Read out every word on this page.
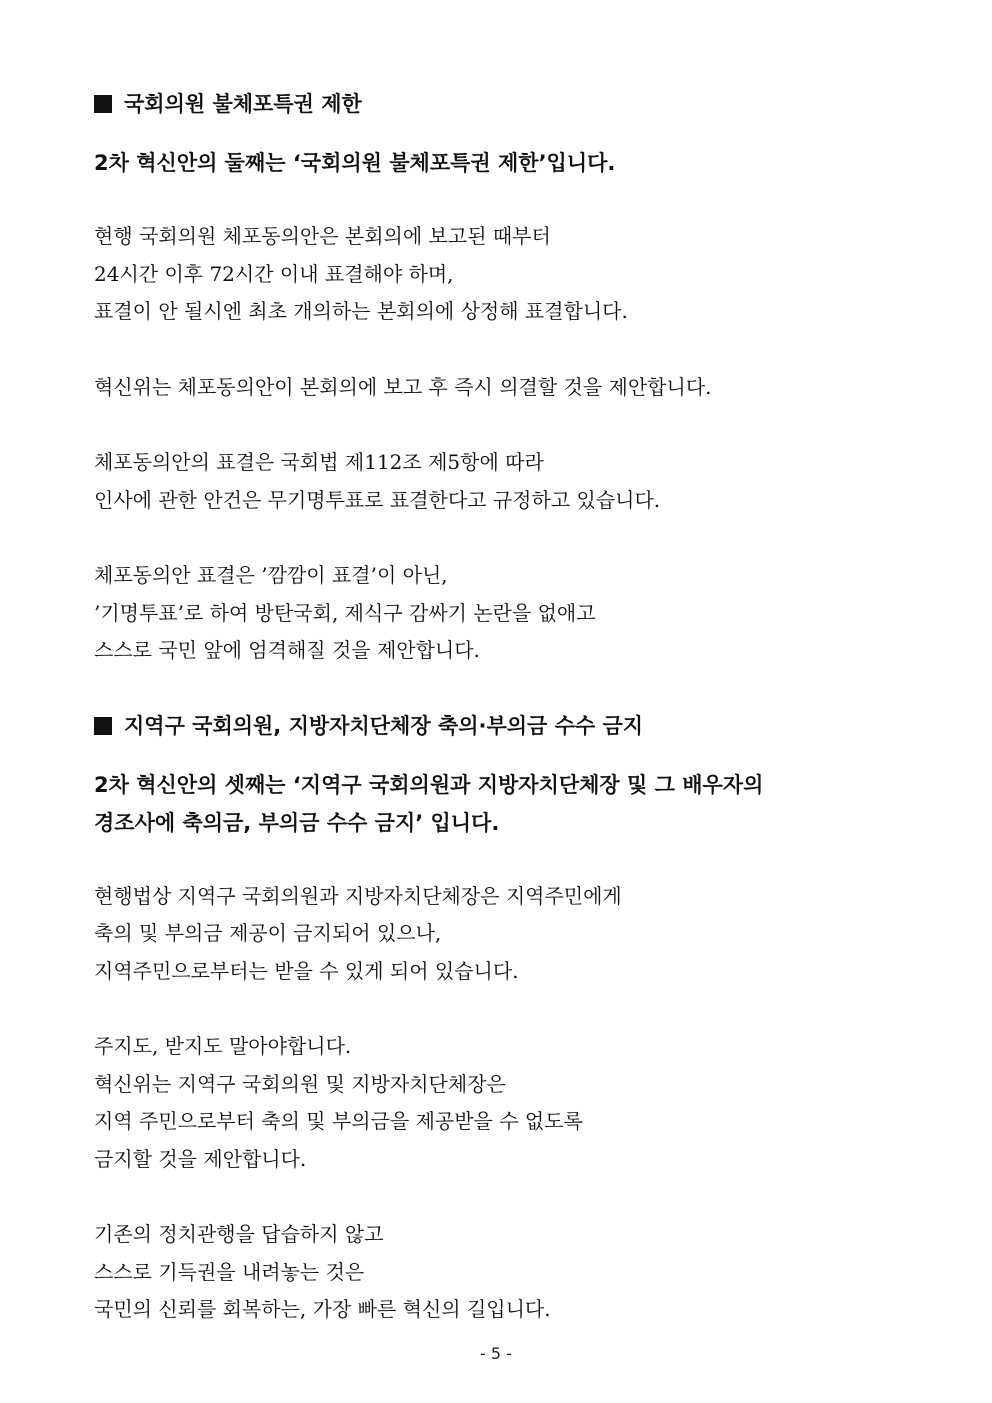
국회의원 불체포특권 제한
2차 혁신안의 둘째는 ‘국회의원 불체포특권 제한’입니다.
현행 국회의원 체포동의안은 본회의에 보고된 때부터
24시간 이후 72시간 이내 표결해야 하며,
표결이 안 될시엔 최초 개의하는 본회의에 상정해 표결합니다.
혁신위는 체포동의안이 본회의에 보고 후 즉시 의결할 것을 제안합니다.
체포동의안의 표결은 국회법 제112조 제5항에 따라
인사에 관한 안건은 무기명투표로 표결한다고 규정하고 있습니다.
체포동의안 표결은 ’깜깜이 표결’이 아닌,
’기명투표’로 하여 방탄국회, 제식구 감싸기 논란을 없애고
스스로 국민 앞에 엄격해질 것을 제안합니다.
지역구 국회의원, 지방자치단체장 축의·부의금 수수 금지
2차 혁신안의 셋째는 ‘지역구 국회의원과 지방자치단체장 및 그 배우자의
경조사에 축의금, 부의금 수수 금지’ 입니다.
현행법상 지역구 국회의원과 지방자치단체장은 지역주민에게
축의 및 부의금 제공이 금지되어 있으나,
지역주민으로부터는 받을 수 있게 되어 있습니다.
주지도, 받지도 말아야합니다.
혁신위는 지역구 국회의원 및 지방자치단체장은
지역 주민으로부터 축의 및 부의금을 제공받을 수 없도록
금지할 것을 제안합니다.
기존의 정치관행을 답습하지 않고
스스로 기득권을 내려놓는 것은
국민의 신뢰를 회복하는, 가장 빠른 혁신의 길입니다.
- 5 -
